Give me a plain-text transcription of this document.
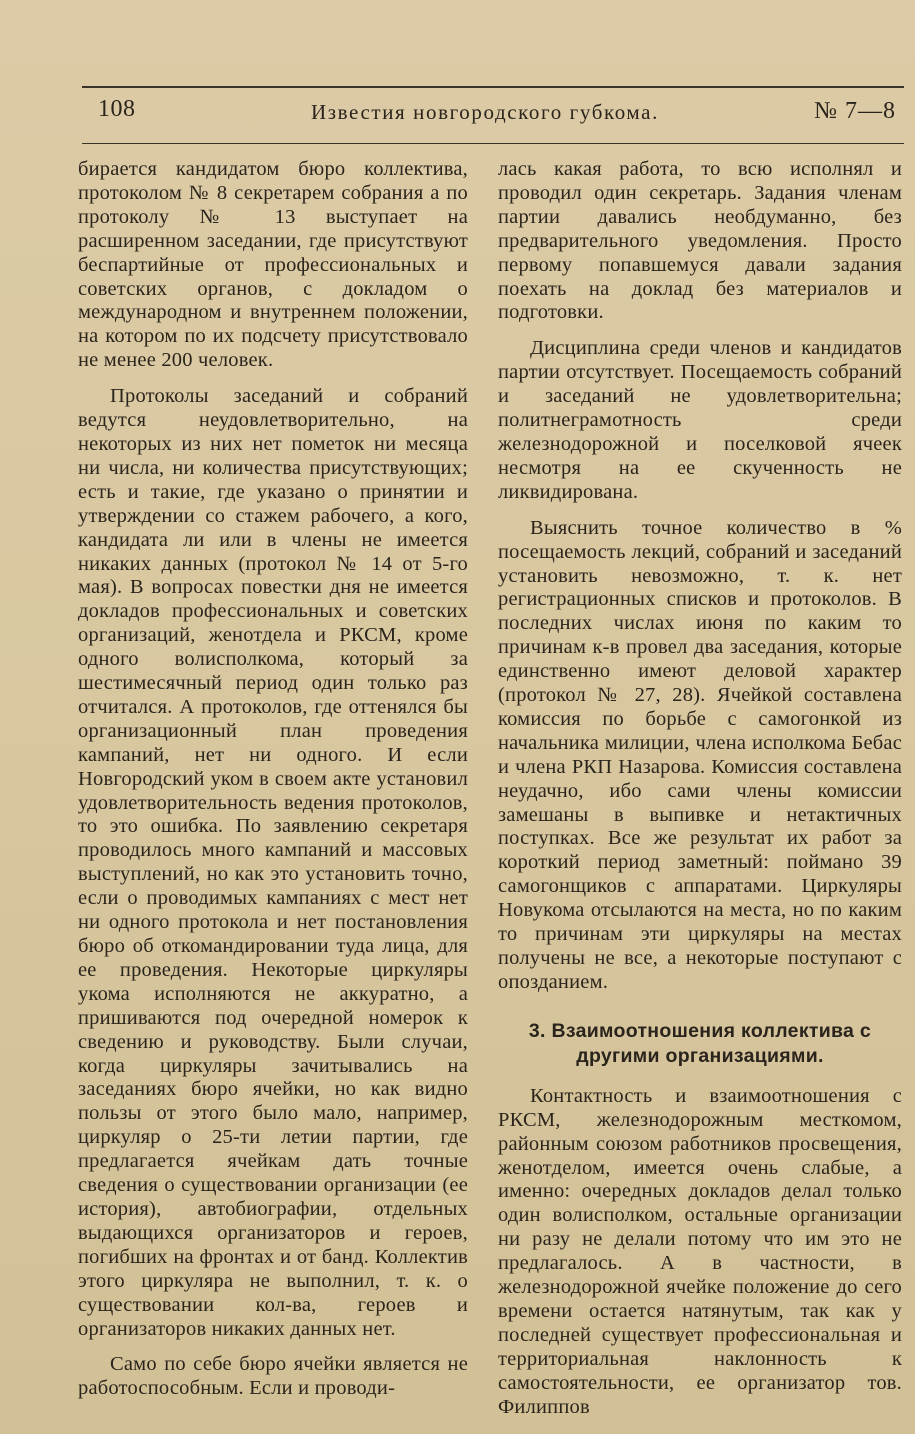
108	Известия новгородского губкома.	№ 7—8

бирается кандидатом бюро коллектива, протоколом № 8 секретарем собрания а по протоколу № 13 выступает на расширенном заседании, где присутствуют беспартийные от профессиональных и советских органов, с докладом о международном и внутреннем положении, на котором по их подсчету присутствовало не менее 200 человек.

Протоколы заседаний и собраний ведутся неудовлетворительно, на некоторых из них нет пометок ни месяца ни числа, ни количества присутствующих; есть и такие, где указано о принятии и утверждении со стажем рабочего, а кого, кандидата ли или в члены не имеется никаких данных (протокол № 14 от 5-го мая). В вопросах повестки дня не имеется докладов профессиональных и советских организаций, женотдела и РКСМ, кроме одного волисполкома, который за шестимесячный период один только раз отчитался. А протоколов, где оттенялся бы организационный план проведения кампаний, нет ни одного. И если Новгородский уком в своем акте установил удовлетворительность ведения протоколов, то это ошибка. По заявлению секретаря проводилось много кампаний и массовых выступлений, но как это установить точно, если о проводимых кампаниях с мест нет ни одного протокола и нет постановления бюро об откомандировании туда лица, для ее проведения. Некоторые циркуляры укома исполняются не аккуратно, а пришиваются под очередной номерок к сведению и руководству. Были случаи, когда циркуляры зачитывались на заседаниях бюро ячейки, но как видно пользы от этого было мало, например, циркуляр о 25-ти летии партии, где предлагается ячейкам дать точные сведения о существовании организации (ее история), автобиографии, отдельных выдающихся организаторов и героев, погибших на фронтах и от банд. Коллектив этого циркуляра не выполнил, т. к. о существовании кол-ва, героев и организаторов никаких данных нет.

Само по себе бюро ячейки является не работоспособным. Если и проводи-

лась какая работа, то всю исполнял и проводил один секретарь. Задания членам партии давались необдуманно, без предварительного уведомления. Просто первому попавшемуся давали задания поехать на доклад без материалов и подготовки.

Дисциплина среди членов и кандидатов партии отсутствует. Посещаемость собраний и заседаний не удовлетворительна; политнеграмотность среди железнодорожной и поселковой ячеек несмотря на ее скученность не ликвидирована.

Выяснить точное количество в % посещаемость лекций, собраний и заседаний установить невозможно, т. к. нет регистрационных списков и протоколов. В последних числах июня по каким то причинам к-в провел два заседания, которые единственно имеют деловой характер (протокол № 27, 28). Ячейкой составлена комиссия по борьбе с самогонкой из начальника милиции, члена исполкома Бебас и члена РКП Назарова. Комиссия составлена неудачно, ибо сами члены комиссии замешаны в выпивке и нетактичных поступках. Все же результат их работ за короткий период заметный: поймано 39 самогонщиков с аппаратами. Циркуляры Новукома отсылаются на места, но по каким то причинам эти циркуляры на местах получены не все, а некоторые поступают с опозданием.

3. Взаимоотношения коллектива с другими организациями.

Контактность и взаимоотношения с РКСМ, железнодорожным месткомом, районным союзом работников просвещения, женотделом, имеется очень слабые, а именно: очередных докладов делал только один волисполком, остальные организации ни разу не делали потому что им это не предлагалось. А в частности, в железнодорожной ячейке положение до сего времени остается натянутым, так как у последней существует профессиональная и территориальная наклонность к самостоятельности, ее организатор тов. Филиппов
